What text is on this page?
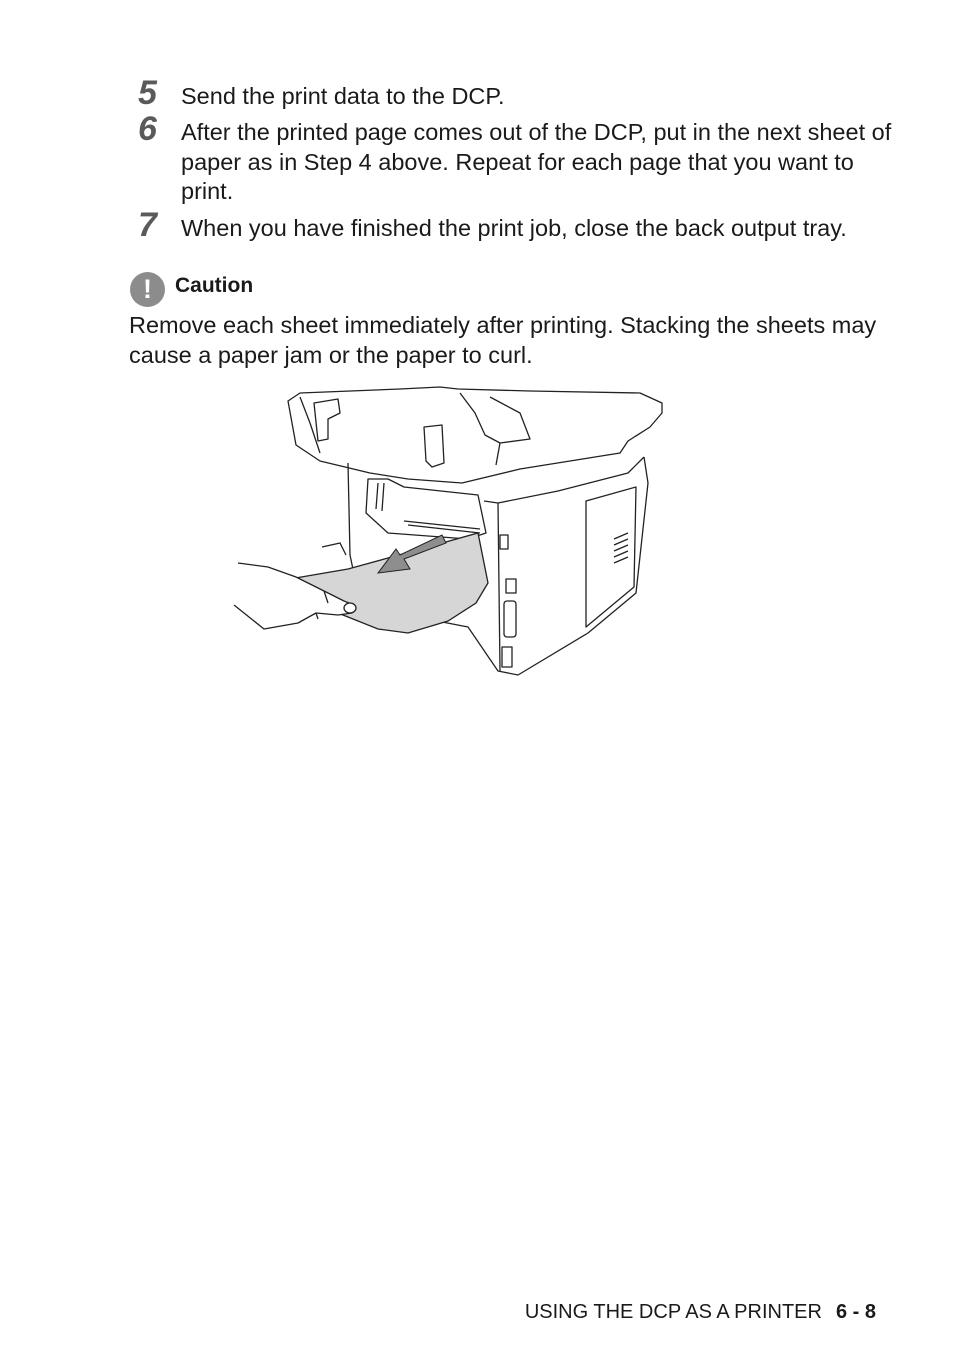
5 Send the print data to the DCP.
6 After the printed page comes out of the DCP, put in the next sheet of paper as in Step 4 above. Repeat for each page that you want to print.
7 When you have finished the print job, close the back output tray.
!	Caution
Remove each sheet immediately after printing. Stacking the sheets may cause a paper jam or the paper to curl.
USING THE DCP AS A PRINTER 6 - 8
